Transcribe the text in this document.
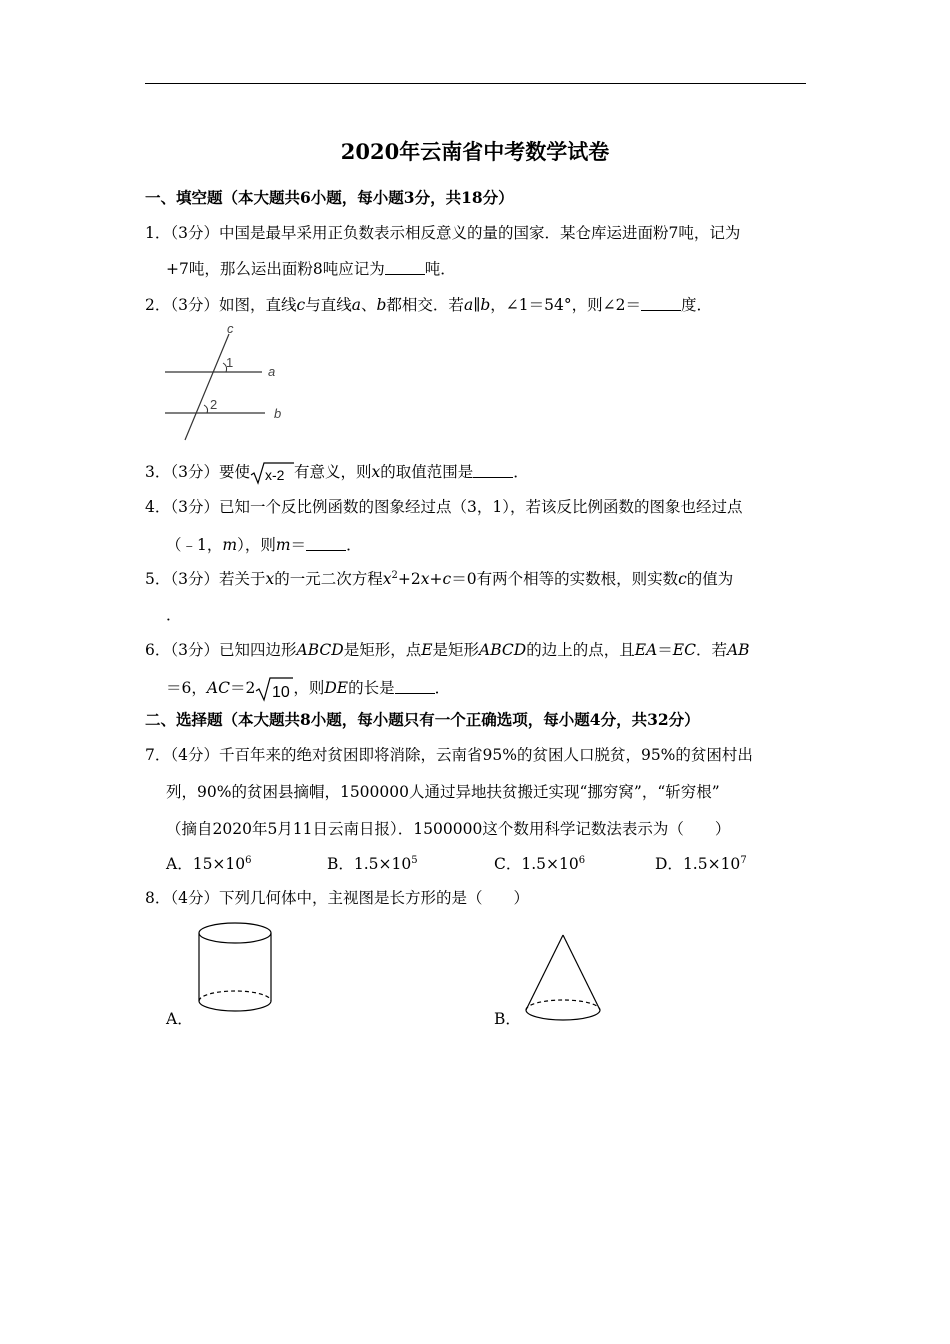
2020年云南省中考数学试卷
一、填空题（本大题共6小题，每小题3分，共18分）
1．（3分）中国是最早采用正负数表示相反意义的量的国家．某仓库运进面粉7吨，记为
+7吨，那么运出面粉8吨应记为	吨．
2．（3分）如图，直线c与直线a、b都相交．若a∥b，∠1＝54°，则∠2＝	度．
c
1
a
2
b
3．（3分）要使 x-2 有意义，则x的取值范围是	．
4．（3分）已知一个反比例函数的图象经过点（3，1），若该反比例函数的图象也经过点
（﹣1，m），则m＝	．
5．（3分）若关于x的一元二次方程$x^2+2x+c=0$有两个相等的实数根，则实数c的值为
．
6．（3分）已知四边形ABCD是矩形，点E是矩形ABCD的边上的点，且EA＝EC．若AB
＝6，AC＝2 10 ，则DE的长是	．
二、选择题（本大题共8小题，每小题只有一个正确选项，每小题4分，共32分）
7．（4分）千百年来的绝对贫困即将消除，云南省95%的贫困人口脱贫，95%的贫困村出
列，90%的贫困县摘帽，1500000人通过异地扶贫搬迁实现“挪穷窝”，“斩穷根”
（摘自2020年5月11日云南日报）．1500000这个数用科学记数法表示为（　　）
A．$15\times 10^6$	B．$1.5\times 10^5$	C．$1.5\times 10^6$	D．$1.5\times 10^7$
8．（4分）下列几何体中，主视图是长方形的是（　　）
A．	B．
